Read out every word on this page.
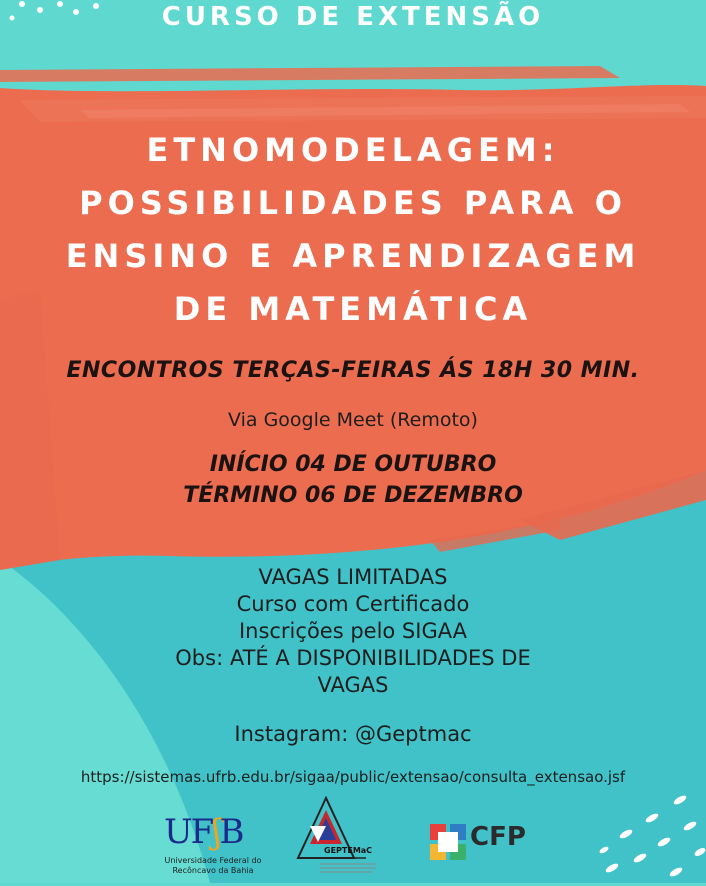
CURSO DE EXTENSÃO
ETNOMODELAGEM:
POSSIBILIDADES PARA O
ENSINO E APRENDIZAGEM
DE MATEMÁTICA
ENCONTROS TERÇAS-FEIRAS ÁS 18H 30 MIN.
Via Google Meet (Remoto)
INÍCIO 04 DE OUTUBRO
TÉRMINO 06 DE DEZEMBRO
VAGAS LIMITADAS
Curso com Certificado
Inscrições pelo SIGAA
Obs: ATÉ A DISPONIBILIDADES DE
VAGAS
Instagram: @Geptmac
https://sistemas.ufrb.edu.br/sigaa/public/extensao/consulta_extensao.jsf
UFʃB
Universidade Federal do
Recôncavo da Bahia
GEPTEMaC	CFP
